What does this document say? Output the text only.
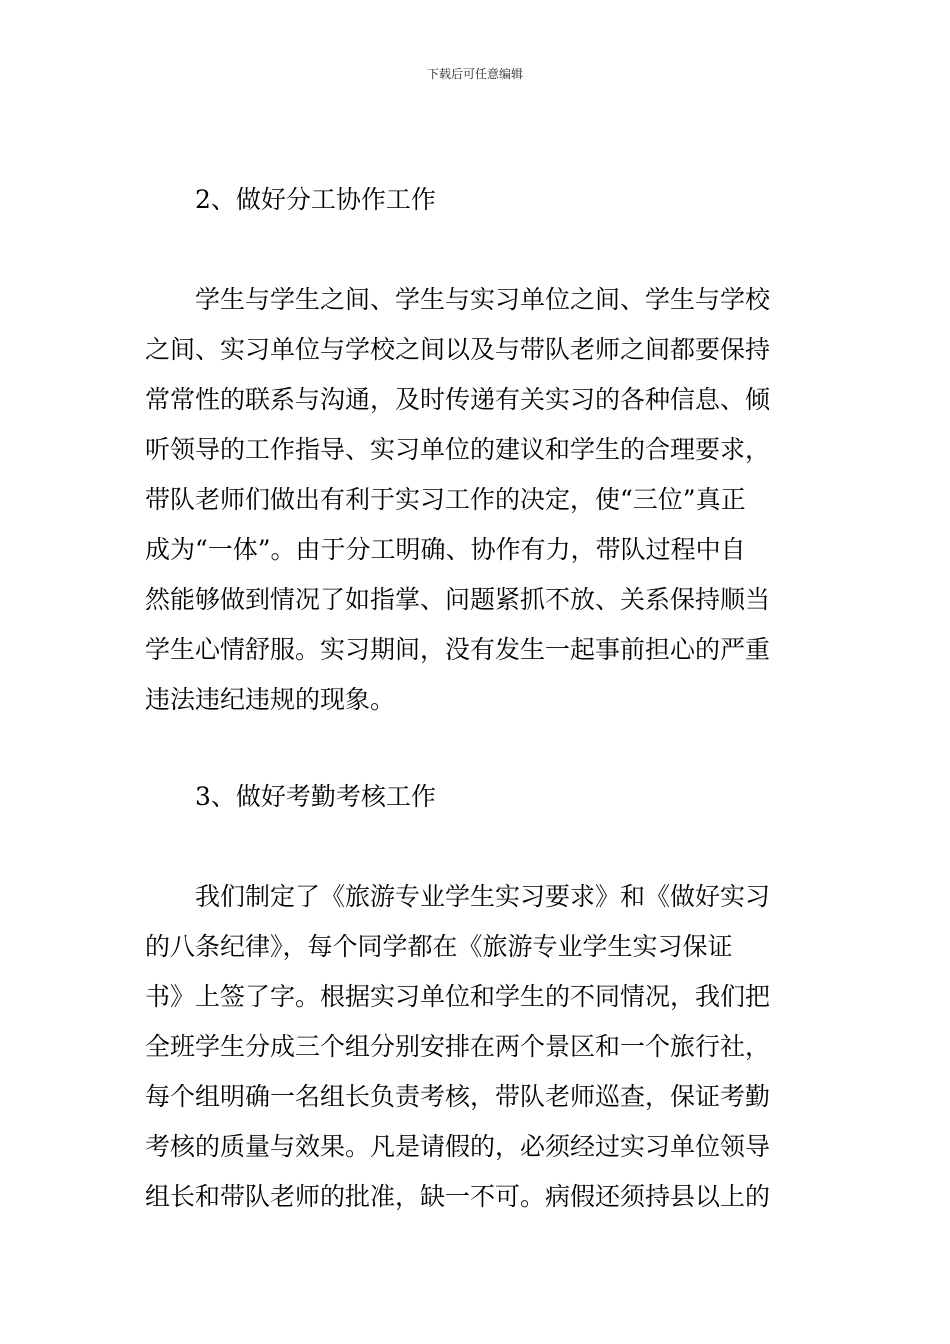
下载后可任意编辑
2、做好分工协作工作
学生与学生之间、学生与实习单位之间、学生与学校
之间、实习单位与学校之间以及与带队老师之间都要保持
常常性的联系与沟通，及时传递有关实习的各种信息、倾
听领导的工作指导、实习单位的建议和学生的合理要求，
带队老师们做出有利于实习工作的决定，使“三位”真正
成为“一体”。由于分工明确、协作有力，带队过程中自
然能够做到情况了如指掌、问题紧抓不放、关系保持顺当
学生心情舒服。实习期间，没有发生一起事前担心的严重
违法违纪违规的现象。
3、做好考勤考核工作
我们制定了《旅游专业学生实习要求》和《做好实习
的八条纪律》，每个同学都在《旅游专业学生实习保证
书》上签了字。根据实习单位和学生的不同情况，我们把
全班学生分成三个组分别安排在两个景区和一个旅行社，
每个组明确一名组长负责考核，带队老师巡查，保证考勤
考核的质量与效果。凡是请假的，必须经过实习单位领导
组长和带队老师的批准，缺一不可。病假还须持县以上的
